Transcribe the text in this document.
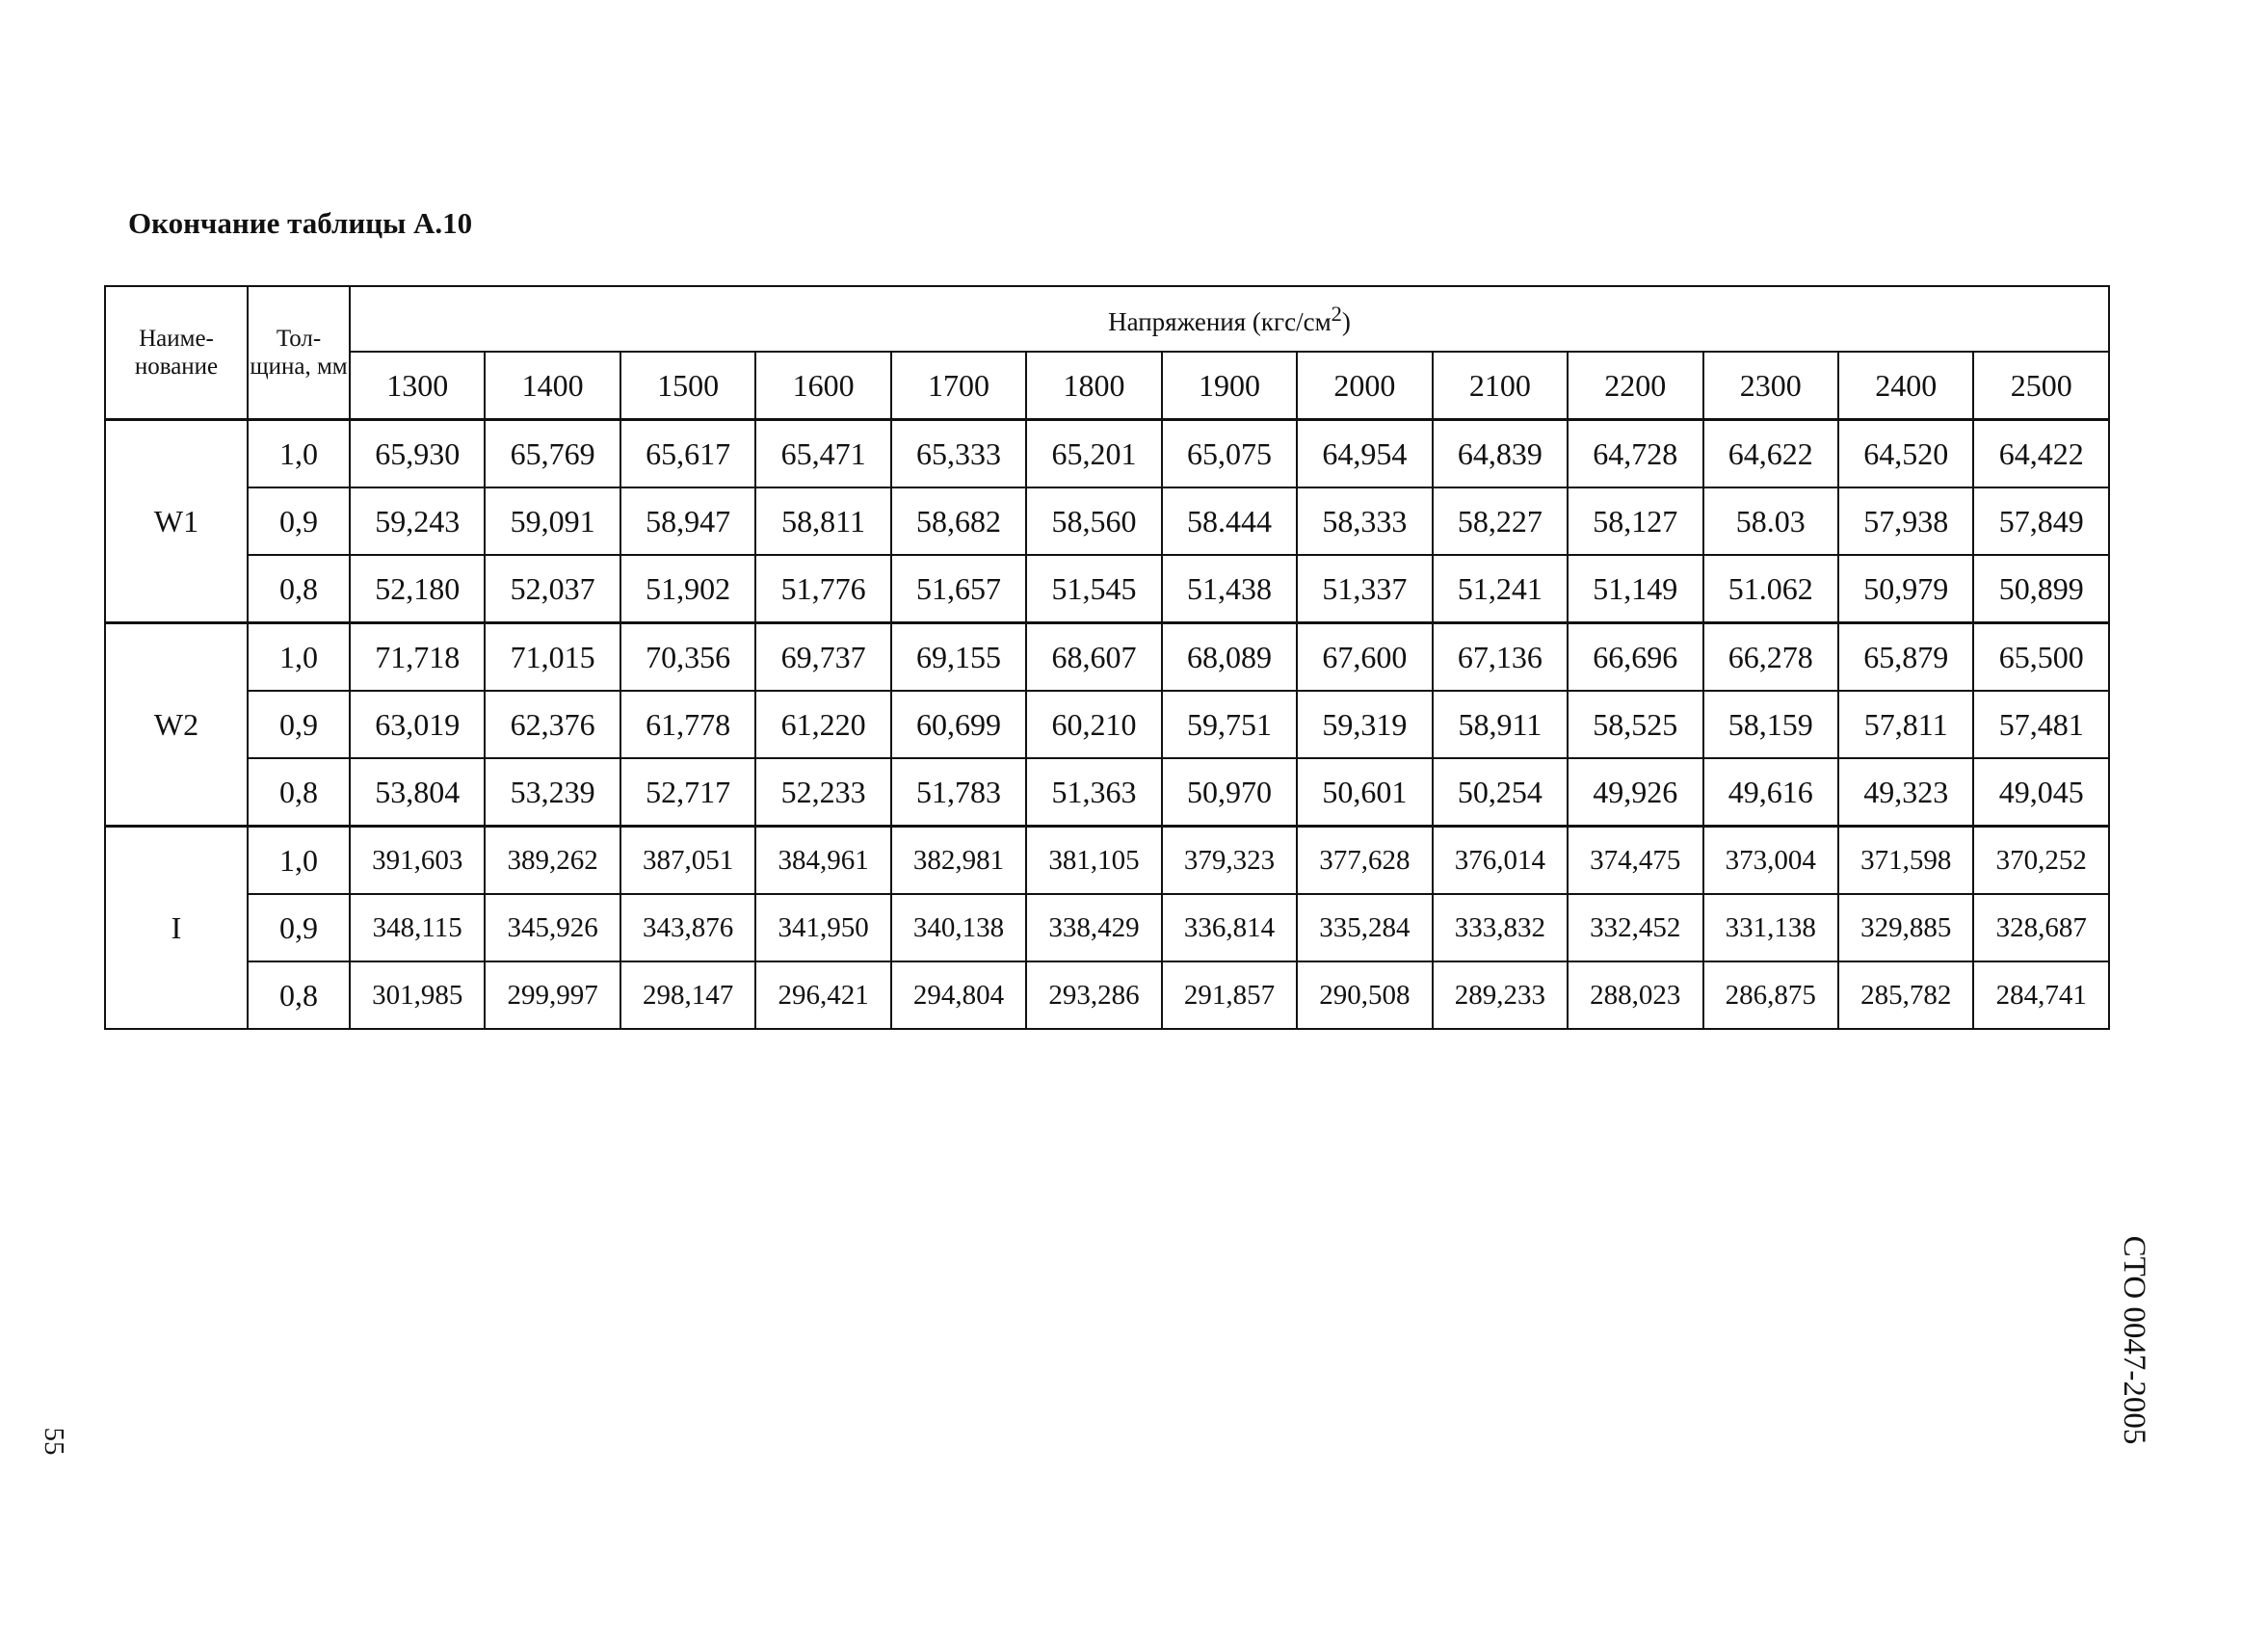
Окончание таблицы А.10
Наиме- нование	Тол- щина, мм	Напряжения $(кгс/см^2)$												
		1300	1400	1500	1600	1700	1800	1900	2000	2100	2200	2300	2400	2500
W1	1,0	65,930	65,769	65,617	65,471	65,333	65,201	65,075	64,954	64,839	64,728	64,622	64,520	64,422
	0,9	59,243	59,091	58,947	58,811	58,682	58,560	58.444	58,333	58,227	58,127	58.03	57,938	57,849
	0,8	52,180	52,037	51,902	51,776	51,657	51,545	51,438	51,337	51,241	51,149	51.062	50,979	50,899
W2	1,0	71,718	71,015	70,356	69,737	69,155	68,607	68,089	67,600	67,136	66,696	66,278	65,879	65,500
	0,9	63,019	62,376	61,778	61,220	60,699	60,210	59,751	59,319	58,911	58,525	58,159	57,811	57,481
	0,8	53,804	53,239	52,717	52,233	51,783	51,363	50,970	50,601	50,254	49,926	49,616	49,323	49,045
I	1,0	391,603	389,262	387,051	384,961	382,981	381,105	379,323	377,628	376,014	374,475	373,004	371,598	370,252
	0,9	348,115	345,926	343,876	341,950	340,138	338,429	336,814	335,284	333,832	332,452	331,138	329,885	328,687
	0,8	301,985	299,997	298,147	296,421	294,804	293,286	291,857	290,508	289,233	288,023	286,875	285,782	284,741
55	СТО 0047-2005
